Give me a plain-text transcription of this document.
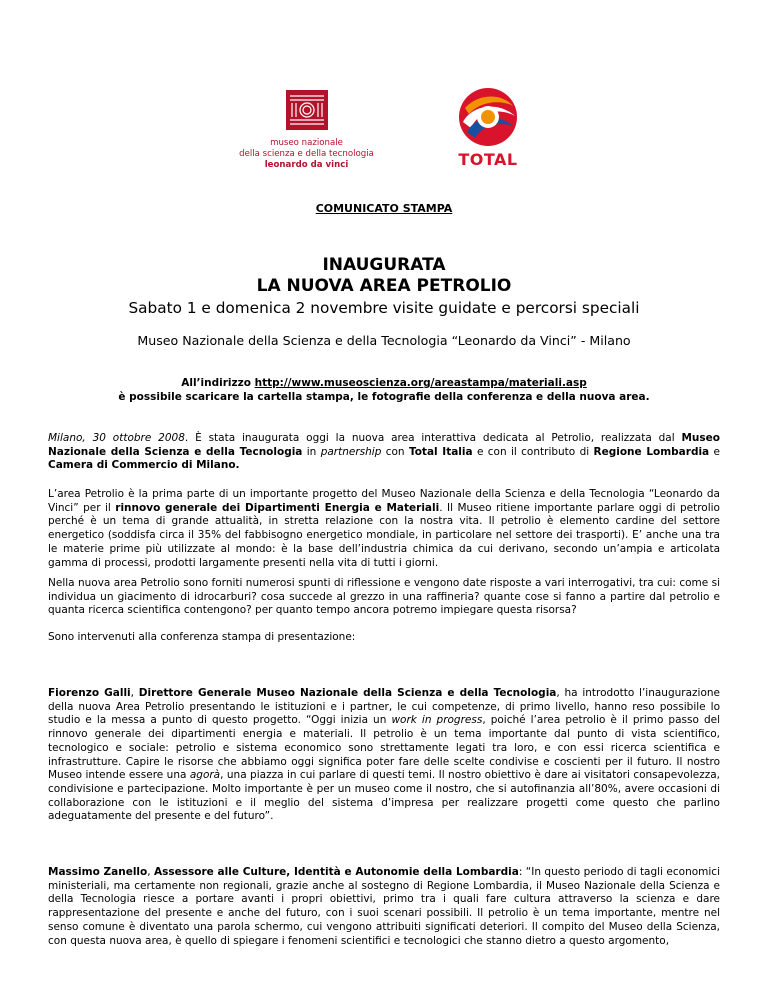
museo nazionale
della scienza e della tecnologia
leonardo da vinci	TOTAL
COMUNICATO STAMPA
INAUGURATA
LA NUOVA AREA PETROLIO
Sabato 1 e domenica 2 novembre visite guidate e percorsi speciali
Museo Nazionale della Scienza e della Tecnologia “Leonardo da Vinci” - Milano
All’indirizzo http://www.museoscienza.org/areastampa/materiali.asp
è possibile scaricare la cartella stampa, le fotografie della conferenza e della nuova area.
Milano, 30 ottobre 2008. È stata inaugurata oggi la nuova area interattiva dedicata al Petrolio, realizzata dal Museo Nazionale della Scienza e della Tecnologia in partnership con Total Italia e con il contributo di Regione Lombardia e Camera di Commercio di Milano.
L’area Petrolio è la prima parte di un importante progetto del Museo Nazionale della Scienza e della Tecnologia “Leonardo da Vinci” per il rinnovo generale dei Dipartimenti Energia e Materiali. Il Museo ritiene importante parlare oggi di petrolio perché è un tema di grande attualità, in stretta relazione con la nostra vita. Il petrolio è elemento cardine del settore energetico (soddisfa circa il 35% del fabbisogno energetico mondiale, in particolare nel settore dei trasporti). E’ anche una tra le materie prime più utilizzate al mondo: è la base dell’industria chimica da cui derivano, secondo un’ampia e articolata gamma di processi, prodotti largamente presenti nella vita di tutti i giorni.
Nella nuova area Petrolio sono forniti numerosi spunti di riflessione e vengono date risposte a vari interrogativi, tra cui: come si individua un giacimento di idrocarburi? cosa succede al grezzo in una raffineria? quante cose si fanno a partire dal petrolio e quanta ricerca scientifica contengono? per quanto tempo ancora potremo impiegare questa risorsa?
Sono intervenuti alla conferenza stampa di presentazione:
Fiorenzo Galli, Direttore Generale Museo Nazionale della Scienza e della Tecnologia, ha introdotto l’inaugurazione della nuova Area Petrolio presentando le istituzioni e i partner, le cui competenze, di primo livello, hanno reso possibile lo studio e la messa a punto di questo progetto. “Oggi inizia un work in progress, poiché l’area petrolio è il primo passo del rinnovo generale dei dipartimenti energia e materiali. Il petrolio è un tema importante dal punto di vista scientifico, tecnologico e sociale: petrolio e sistema economico sono strettamente legati tra loro, e con essi ricerca scientifica e infrastrutture. Capire le risorse che abbiamo oggi significa poter fare delle scelte condivise e coscienti per il futuro. Il nostro Museo intende essere una agorà, una piazza in cui parlare di questi temi. Il nostro obiettivo è dare ai visitatori consapevolezza, condivisione e partecipazione. Molto importante è per un museo come il nostro, che si autofinanzia all’80%, avere occasioni di collaborazione con le istituzioni e il meglio del sistema d’impresa per realizzare progetti come questo che parlino adeguatamente del presente e del futuro”.
Massimo Zanello, Assessore alle Culture, Identità e Autonomie della Lombardia: “In questo periodo di tagli economici ministeriali, ma certamente non regionali, grazie anche al sostegno di Regione Lombardia, il Museo Nazionale della Scienza e della Tecnologia riesce a portare avanti i propri obiettivi, primo tra i quali fare cultura attraverso la scienza e dare rappresentazione del presente e anche del futuro, con i suoi scenari possibili. Il petrolio è un tema importante, mentre nel senso comune è diventato una parola schermo, cui vengono attribuiti significati deteriori. Il compito del Museo della Scienza, con questa nuova area, è quello di spiegare i fenomeni scientifici e tecnologici che stanno dietro a questo argomento,
